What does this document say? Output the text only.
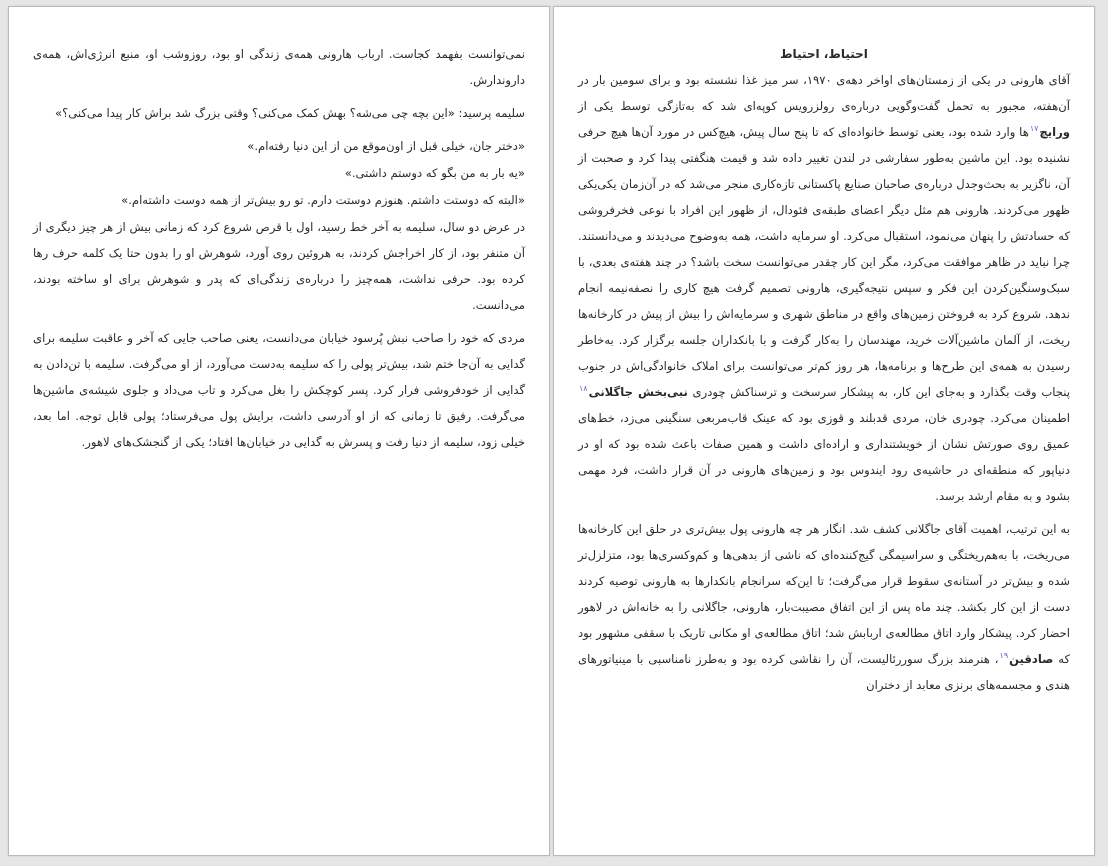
نمی‌توانست بفهمد کجاست. ارباب هارونی همه‌ی زندگی او بود، روزوشب او، منبع انرژی‌اش، همه‌ی داروندارش.

سلیمه پرسید: «این بچه چی می‌شه؟ بهش کمک می‌کنی؟ وقتی بزرگ شد براش کار پیدا می‌کنی؟»

«دختر جان، خیلی قبل از اون‌موقع من از این دنیا رفته‌ام.»

«یه بار به من بگو که دوستم داشتی.»

«البته که دوستت داشتم. هنوزم دوستت دارم. تو رو بیش‌تر از همه دوست داشته‌ام.»

در عرض دو سال، سلیمه به آخر خط رسید، اول با قرص شروع کرد که زمانی بیش از هر چیز دیگری از آن متنفر بود، از کار اخراجش کردند، به هروئین روی آورد، شوهرش او را بدون حتا یک کلمه حرف رها کرده بود. حرفی نداشت، همه‌چیز را درباره‌ی زندگی‌ای که پدر و شوهرش برای او ساخته بودند، می‌دانست.

مردی که خود را صاحب نبش پُرسود خیابان می‌دانست، یعنی صاحب جایی که آخر و عاقبت سلیمه برای گدایی به آن‌جا ختم شد، بیش‌تر پولی را که سلیمه به‌دست می‌آورد، از او می‌گرفت. سلیمه با تن‌دادن به گدایی از خودفروشی فرار کرد. پسر کوچکش را بغل می‌کرد و تاب می‌داد و جلوی شیشه‌ی ماشین‌ها می‌گرفت. رفیق تا زمانی که از او آدرسی داشت، برایش پول می‌فرستاد؛ پولی قابل توجه. اما بعد، خیلی زود، سلیمه از دنیا رفت و پسرش به گدایی در خیابان‌ها افتاد؛ یکی از گنجشک‌های لاهور.

احتیاط، احتیاط

آقای هارونی در یکی از زمستان‌های اواخر دهه‌ی ۱۹۷۰، سر میز غذا نشسته بود و برای سومین بار در آن‌هفته، مجبور به تحمل گفت‌وگویی درباره‌ی رولزرویس کوپه‌ای شد که به‌تازگی توسط یکی از ورایچ$^{۱۷}$ها وارد شده بود، یعنی توسط خانواده‌ای که تا پنج سال پیش، هیچ‌کس در مورد آن‌ها هیچ حرفی نشنیده بود. این ماشین به‌طور سفارشی در لندن تغییر داده شد و قیمت هنگفتی پیدا کرد و صحبت از آن، ناگزیر به بحث‌وجدل درباره‌ی صاحبان صنایع پاکستانی تازه‌کاری منجر می‌شد که در آن‌زمان یکی‌یکی ظهور می‌کردند. هارونی هم مثل دیگر اعضای طبقه‌ی فئودال، از ظهور این افراد با نوعی فخرفروشی که حسادتش را پنهان می‌نمود، استقبال می‌کرد. او سرمایه داشت، همه به‌وضوح می‌دیدند و می‌دانستند. چرا نباید در ظاهر موافقت می‌کرد، مگر این کار چقدر می‌توانست سخت باشد؟ در چند هفته‌ی بعدی، با سبک‌وسنگین‌کردن این فکر و سپس نتیجه‌گیری، هارونی تصمیم گرفت هیچ کاری را نصفه‌نیمه انجام ندهد. شروع کرد به فروختن زمین‌های واقع در مناطق شهری و سرمایه‌اش را بیش از پیش در کارخانه‌ها ریخت، از آلمان ماشین‌آلات خرید، مهندسان را به‌کار گرفت و با بانکداران جلسه برگزار کرد. به‌خاطر رسیدن به همه‌ی این طرح‌ها و برنامه‌ها، هر روز کم‌تر می‌توانست برای املاک خانوادگی‌اش در جنوب پنجاب وقت بگذارد و به‌جای این کار، به پیشکار سرسخت و ترسناکش چودری نبی‌بخش جاگلانی$^{۱۸}$ اطمینان می‌کرد. چودری خان، مردی قدبلند و قوزی بود که عینک قاب‌مربعی سنگینی می‌زد، خط‌های عمیق روی صورتش نشان از خویشتنداری و اراده‌ای داشت و همین صفات باعث شده بود که او در دنیاپور که منطقه‌ای در حاشیه‌ی رود ایندوس بود و زمین‌های هارونی در آن قرار داشت، فرد مهمی بشود و به مقام ارشد برسد.

به این ترتیب، اهمیت آقای جاگلانی کشف شد. انگار هر چه هارونی پول بیش‌تری در حلق این کارخانه‌ها می‌ریخت، با به‌هم‌ریختگی و سراسیمگی گیج‌کننده‌ای که ناشی از بدهی‌ها و کم‌وکسری‌ها بود، متزلزل‌تر شده و بیش‌تر در آستانه‌ی سقوط قرار می‌گرفت؛ تا این‌که سرانجام بانکدارها به هارونی توصیه کردند دست از این کار بکشد. چند ماه پس از این اتفاق مصیبت‌بار، هارونی، جاگلانی را به خانه‌اش در لاهور احضار کرد. پیشکار وارد اتاق مطالعه‌ی اربابش شد؛ اتاق مطالعه‌ی او مکانی تاریک با سقفی مشهور بود که صادقین$^{۱۹}$، هنرمند بزرگ سوررئالیست، آن را نقاشی کرده بود و به‌طرز نامناسبی با مینیاتورهای هندی و مجسمه‌های برنزی معابد از دختران
